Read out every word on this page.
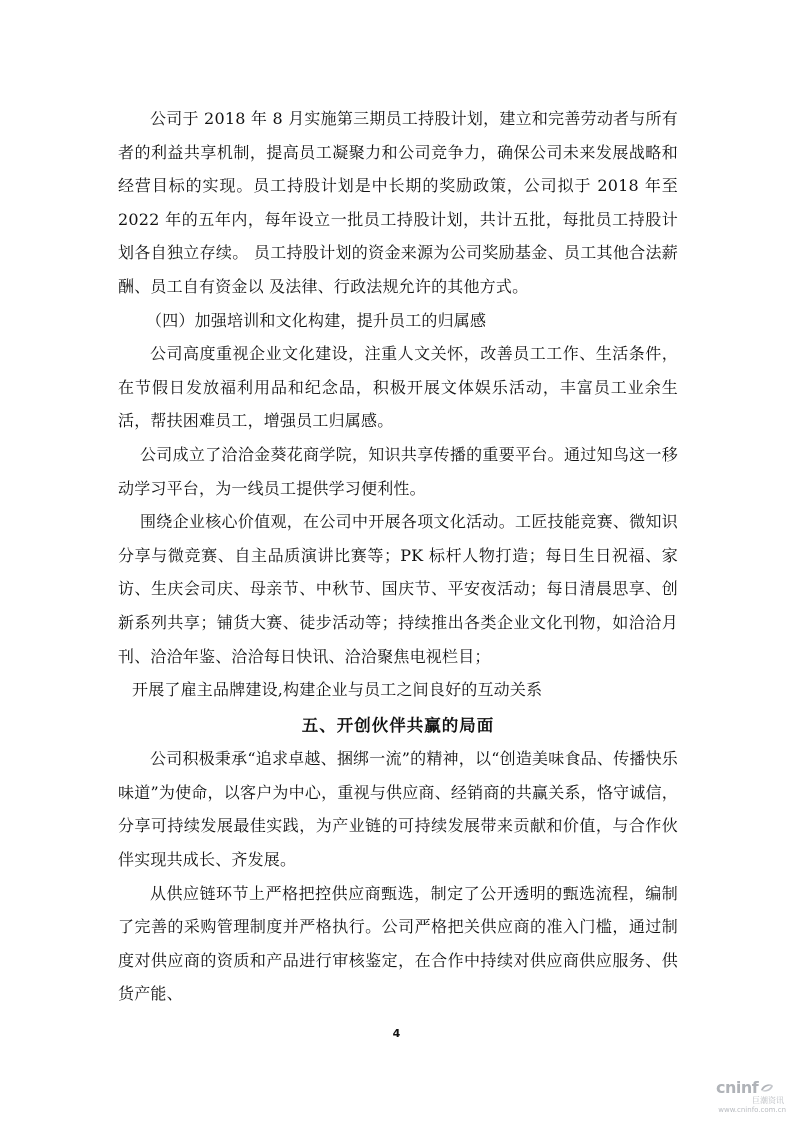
公司于 2018 年 8 月实施第三期员工持股计划，建立和完善劳动者与所有者的利益共享机制，提高员工凝聚力和公司竞争力，确保公司未来发展战略和经营目标的实现。员工持股计划是中长期的奖励政策，公司拟于 2018 年至 2022 年的五年内，每年设立一批员工持股计划，共计五批，每批员工持股计划各自独立存续。 员工持股计划的资金来源为公司奖励基金、员工其他合法薪酬、员工自有资金以 及法律、行政法规允许的其他方式。

（四）加强培训和文化构建，提升员工的归属感

公司高度重视企业文化建设，注重人文关怀，改善员工工作、生活条件，在节假日发放福利用品和纪念品，积极开展文体娱乐活动，丰富员工业余生活，帮扶困难员工，增强员工归属感。

公司成立了洽洽金葵花商学院，知识共享传播的重要平台。通过知鸟这一移动学习平台，为一线员工提供学习便利性。

围绕企业核心价值观，在公司中开展各项文化活动。工匠技能竞赛、微知识分享与微竞赛、自主品质演讲比赛等；PK 标杆人物打造；每日生日祝福、家访、生庆会司庆、母亲节、中秋节、国庆节、平安夜活动；每日清晨思享、创新系列共享；铺货大赛、徒步活动等；持续推出各类企业文化刊物，如洽洽月刊、洽洽年鉴、洽洽每日快讯、洽洽聚焦电视栏目；

开展了雇主品牌建设,构建企业与员工之间良好的互动关系

五、开创伙伴共赢的局面

公司积极秉承“追求卓越、捆绑一流”的精神，以“创造美味食品、传播快乐味道”为使命，以客户为中心，重视与供应商、经销商的共赢关系，恪守诚信，分享可持续发展最佳实践，为产业链的可持续发展带来贡献和价值，与合作伙伴实现共成长、齐发展。

从供应链环节上严格把控供应商甄选，制定了公开透明的甄选流程，编制了完善的采购管理制度并严格执行。公司严格把关供应商的准入门槛，通过制度对供应商的资质和产品进行审核鉴定，在合作中持续对供应商供应服务、供货产能、

4
cninf
巨潮资讯
www.cninfo.com.cn
